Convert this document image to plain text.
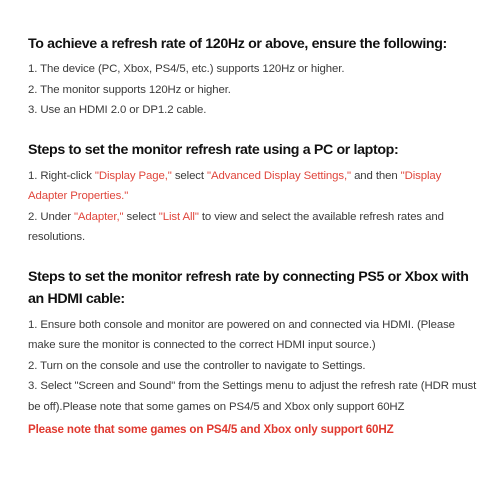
To achieve a refresh rate of 120Hz or above, ensure the following:

1. The device (PC, Xbox, PS4/5, etc.) supports 120Hz or higher.

2. The monitor supports 120Hz or higher.

3. Use an HDMI 2.0 or DP1.2 cable.

Steps to set the monitor refresh rate using a PC or laptop:

1. Right-click "Display Page," select "Advanced Display Settings," and then "Display Adapter Properties."

2. Under "Adapter," select "List All" to view and select the available refresh rates and resolutions.

Steps to set the monitor refresh rate by connecting PS5 or Xbox with an HDMI cable:

1. Ensure both console and monitor are powered on and connected via HDMI. (Please make sure the monitor is connected to the correct HDMI input source.)

2. Turn on the console and use the controller to navigate to Settings.

3. Select "Screen and Sound" from the Settings menu to adjust the refresh rate (HDR must be off).Please note that some games on PS4/5 and Xbox only support 60HZ

Please note that some games on PS4/5 and Xbox only support 60HZ
